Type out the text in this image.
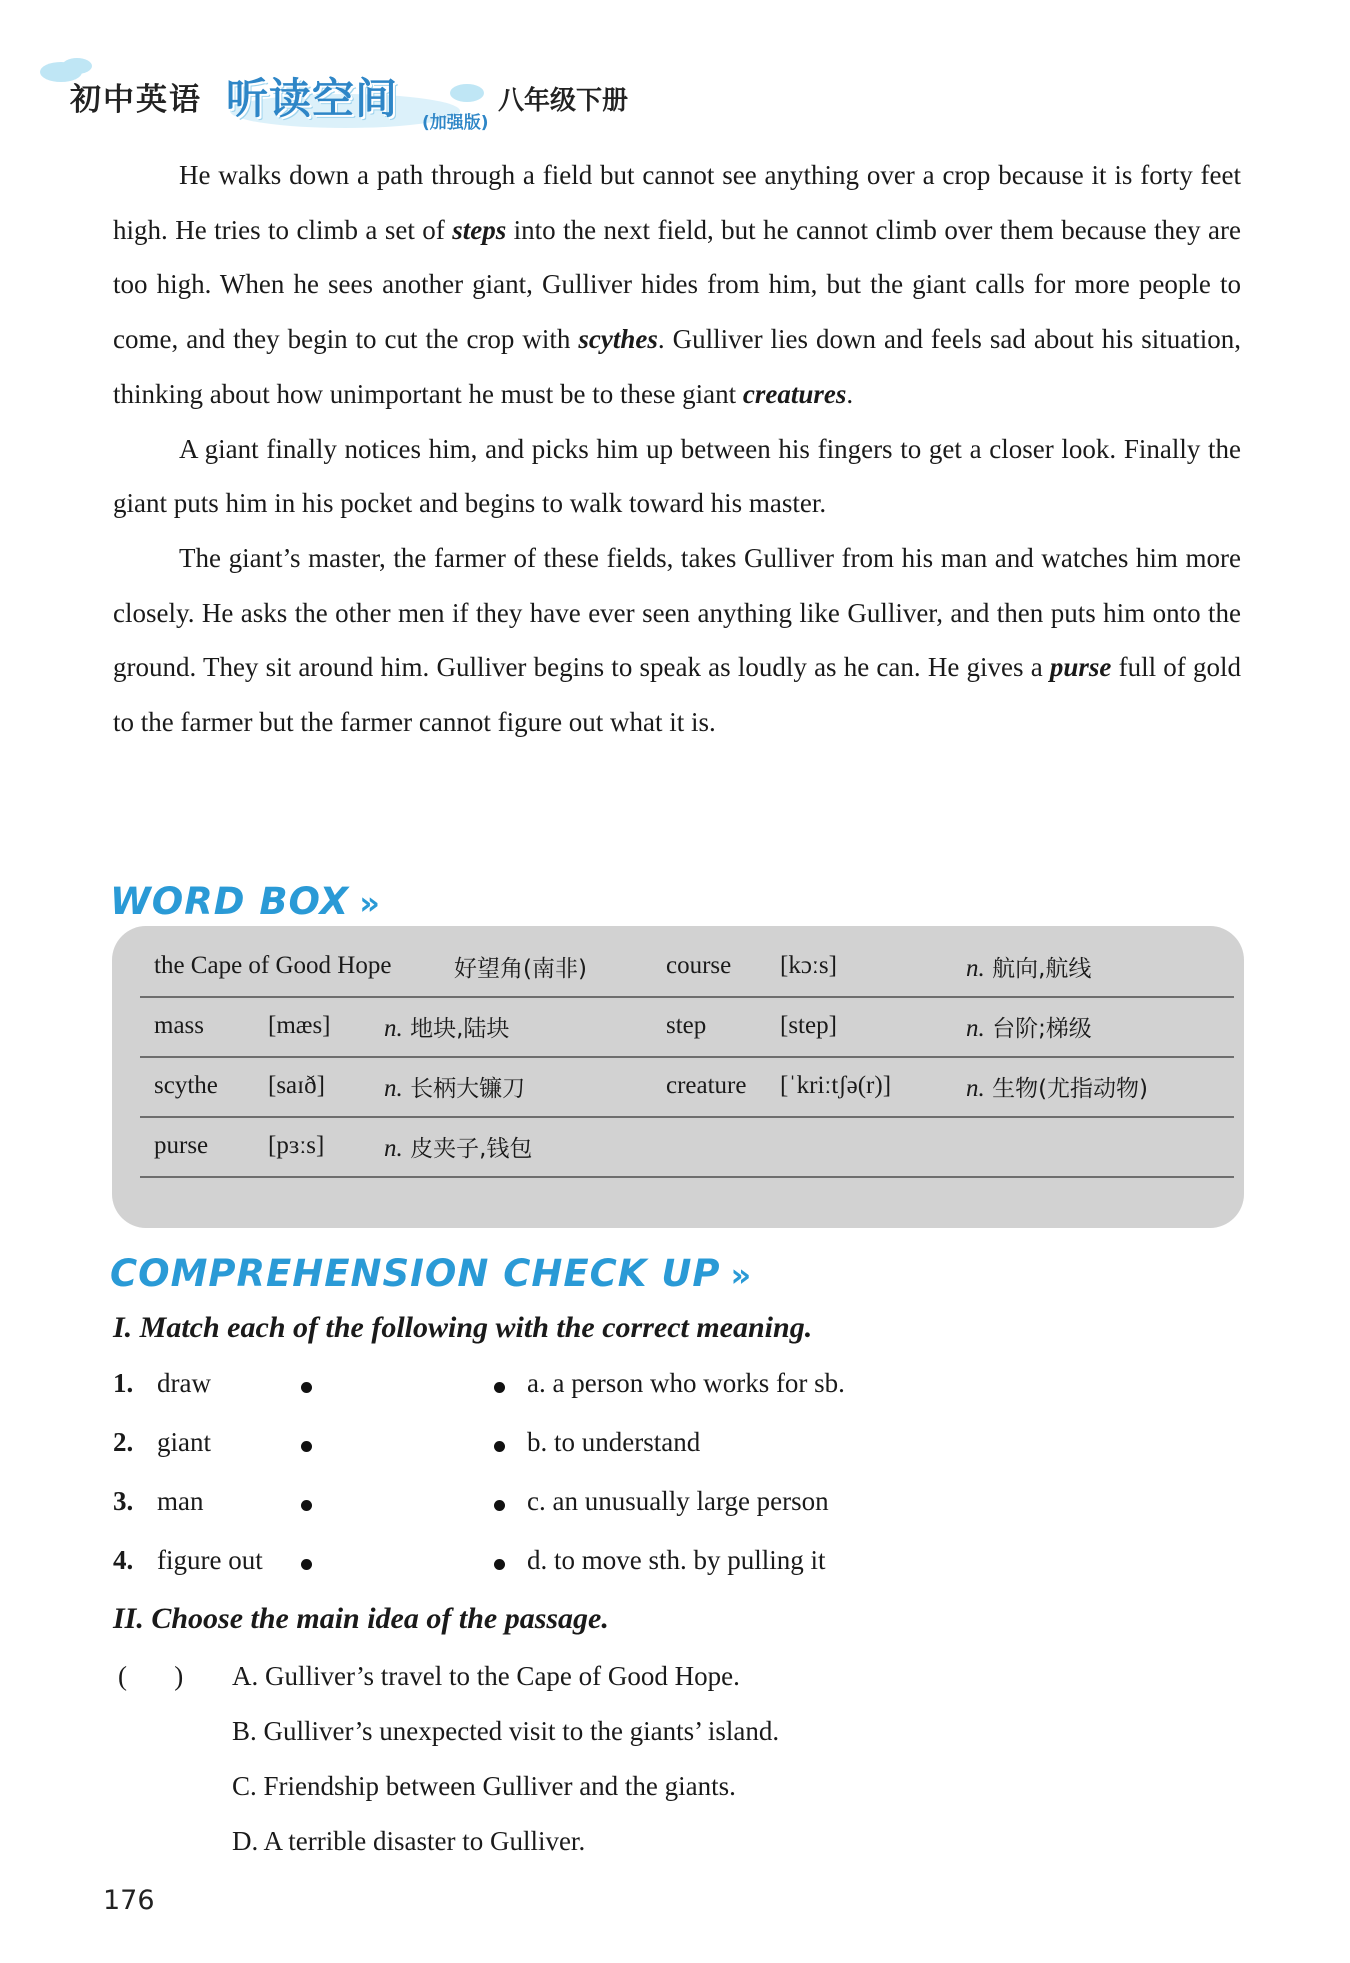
初中英语 听读空间 (加强版)
八年级下册

He walks down a path through a field but cannot see anything over a crop because it is forty feet high. He tries to climb a set of steps into the next field, but he cannot climb over them because they are too high. When he sees another giant, Gulliver hides from him, but the giant calls for more people to come, and they begin to cut the crop with scythes. Gulliver lies down and feels sad about his situation, thinking about how unimportant he must be to these giant creatures.

A giant finally notices him, and picks him up between his fingers to get a closer look. Finally the giant puts him in his pocket and begins to walk toward his master.

The giant’s master, the farmer of these fields, takes Gulliver from his man and watches him more closely. He asks the other men if they have ever seen anything like Gulliver, and then puts him onto the ground. They sit around him. Gulliver begins to speak as loudly as he can. He gives a purse full of gold to the farmer but the farmer cannot figure out what it is.

WORD BOX »
the Cape of Good Hope	好望角(南非)	course [kɔːs]	n. 航向,航线
mass	[mæs] n. 地块,陆块	step	[step]	n. 台阶;梯级
scythe [saɪð] n. 长柄大镰刀	creature [ˈkriːtʃə(r)]	n. 生物(尤指动物)
purse [pɜːs] n. 皮夹子,钱包
COMPREHENSION CHECK UP »
I. Match each of the following with the correct meaning.
1. draw	a. a person who works for sb.
2. giant	b. to understand
3. man	c. an unusually large person
4. figure out	d. to move sth. by pulling it
II. Choose the main idea of the passage.
(       ) A. Gulliver’s travel to the Cape of Good Hope.
B. Gulliver’s unexpected visit to the giants’ island.
C. Friendship between Gulliver and the giants.
D. A terrible disaster to Gulliver.
176
